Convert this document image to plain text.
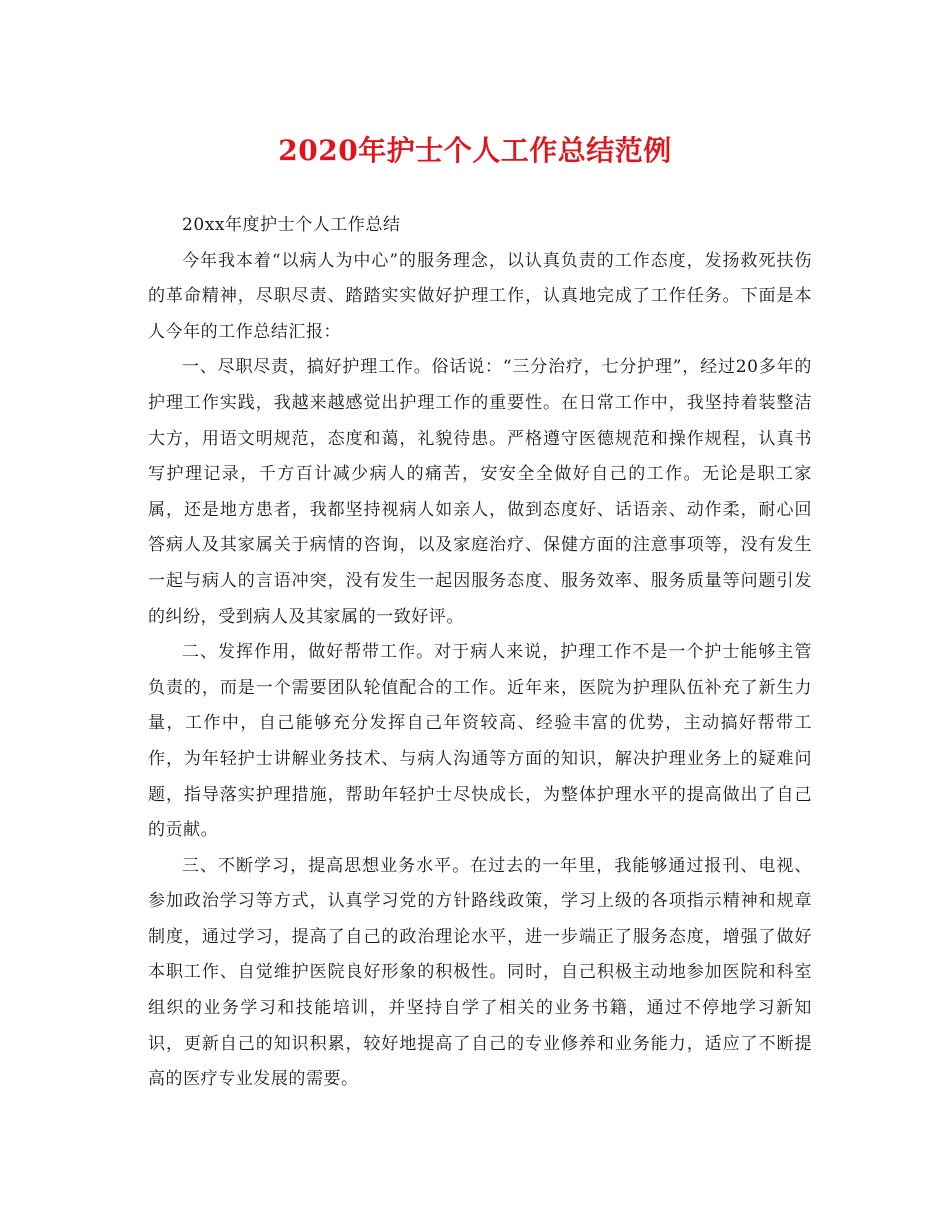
2020年护士个人工作总结范例

20xx年度护士个人工作总结

今年我本着“以病人为中心”的服务理念，以认真负责的工作态度，发扬救死扶伤的革命精神，尽职尽责、踏踏实实做好护理工作，认真地完成了工作任务。下面是本人今年的工作总结汇报：

一、尽职尽责，搞好护理工作。俗话说：“三分治疗，七分护理”，经过20多年的护理工作实践，我越来越感觉出护理工作的重要性。在日常工作中，我坚持着装整洁大方，用语文明规范，态度和蔼，礼貌待患。严格遵守医德规范和操作规程，认真书写护理记录，千方百计减少病人的痛苦，安安全全做好自己的工作。无论是职工家属，还是地方患者，我都坚持视病人如亲人，做到态度好、话语亲、动作柔，耐心回答病人及其家属关于病情的咨询，以及家庭治疗、保健方面的注意事项等，没有发生一起与病人的言语冲突，没有发生一起因服务态度、服务效率、服务质量等问题引发的纠纷，受到病人及其家属的一致好评。

二、发挥作用，做好帮带工作。对于病人来说，护理工作不是一个护士能够主管负责的，而是一个需要团队轮值配合的工作。近年来，医院为护理队伍补充了新生力量，工作中，自己能够充分发挥自己年资较高、经验丰富的优势，主动搞好帮带工作，为年轻护士讲解业务技术、与病人沟通等方面的知识，解决护理业务上的疑难问题，指导落实护理措施，帮助年轻护士尽快成长，为整体护理水平的提高做出了自己的贡献。

三、不断学习，提高思想业务水平。在过去的一年里，我能够通过报刊、电视、参加政治学习等方式，认真学习党的方针路线政策，学习上级的各项指示精神和规章制度，通过学习，提高了自己的政治理论水平，进一步端正了服务态度，增强了做好本职工作、自觉维护医院良好形象的积极性。同时，自己积极主动地参加医院和科室组织的业务学习和技能培训，并坚持自学了相关的业务书籍，通过不停地学习新知识，更新自己的知识积累，较好地提高了自己的专业修养和业务能力，适应了不断提高的医疗专业发展的需要。
